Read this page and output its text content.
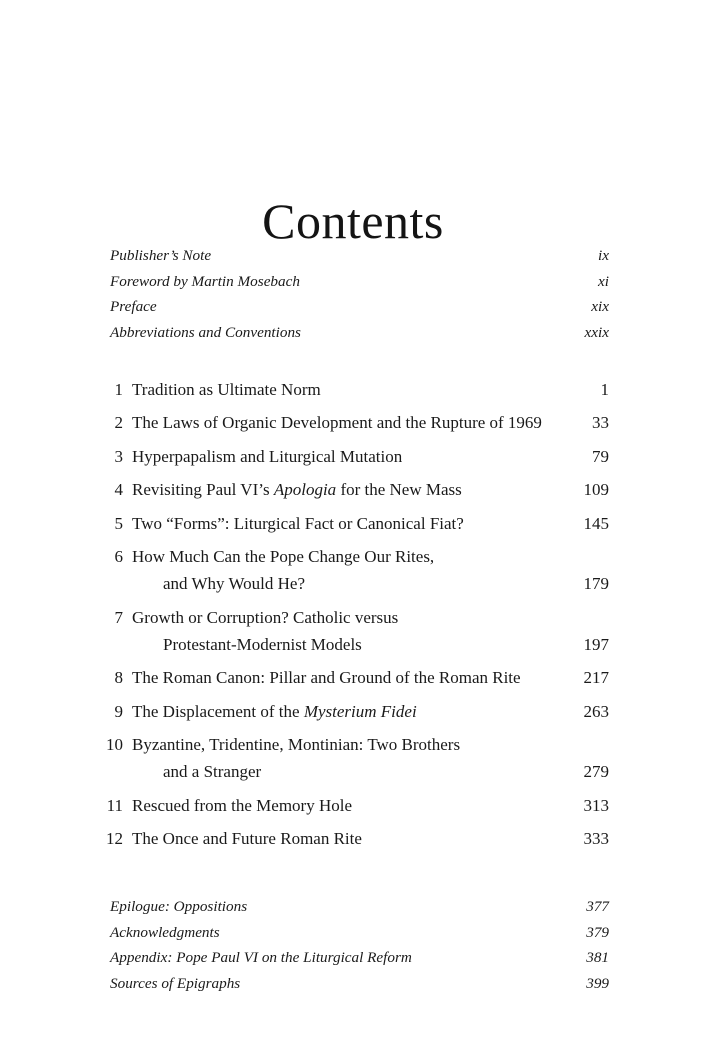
Contents
Publisher’s Note	ix
Foreword by Martin Mosebach	xi
Preface	xix
Abbreviations and Conventions	xxix
1 Tradition as Ultimate Norm	1
2 The Laws of Organic Development and the Rupture of 1969	33
3 Hyperpapalism and Liturgical Mutation	79
4 Revisiting Paul VI’s Apologia for the New Mass	109
5 Two “Forms”: Liturgical Fact or Canonical Fiat?	145
6 How Much Can the Pope Change Our Rites,
and Why Would He?	179
7 Growth or Corruption? Catholic versus
Protestant-Modernist Models	197
8 The Roman Canon: Pillar and Ground of the Roman Rite	217
9 The Displacement of the Mysterium Fidei	263
10 Byzantine, Tridentine, Montinian: Two Brothers
and a Stranger	279
11 Rescued from the Memory Hole	313
12 The Once and Future Roman Rite	333
Epilogue: Oppositions	377
Acknowledgments	379
Appendix: Pope Paul VI on the Liturgical Reform	381
Sources of Epigraphs	399
